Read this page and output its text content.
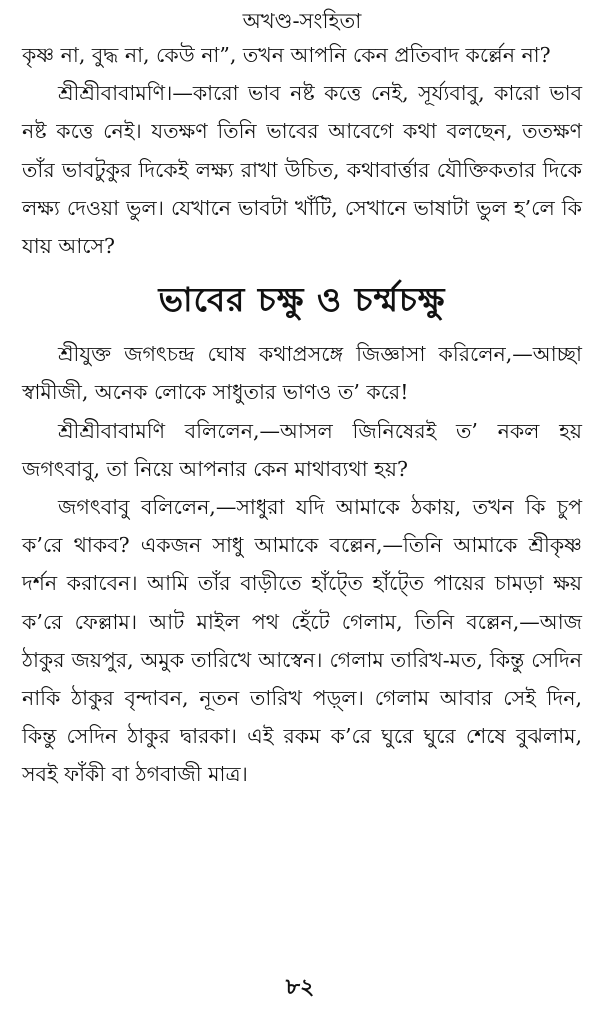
অখণ্ড-সংহিতা

কৃষ্ণ না, বুদ্ধ না, কেউ না”, তখন আপনি কেন প্রতিবাদ কর্ল্লেন না?

শ্রীশ্রীবাবামণি।—কারো ভাব নষ্ট কত্তে নেই, সূর্য্যবাবু, কারো ভাব নষ্ট কত্তে নেই। যতক্ষণ তিনি ভাবের আবেগে কথা বলছেন, ততক্ষণ তাঁর ভাবটুকুর দিকেই লক্ষ্য রাখা উচিত, কথাবার্ত্তার যৌক্তিকতার দিকে লক্ষ্য দেওয়া ভুল। যেখানে ভাবটা খাঁটি, সেখানে ভাষাটা ভুল হ’লে কি যায় আসে?

ভাবের চক্ষু ও চর্ম্মচক্ষু

শ্রীযুক্ত জগৎচন্দ্র ঘোষ কথাপ্রসঙ্গে জিজ্ঞাসা করিলেন,—আচ্ছা স্বামীজী, অনেক লোকে সাধুতার ভাণও ত’ করে!

শ্রীশ্রীবাবামণি বলিলেন,—আসল জিনিষেরই ত’ নকল হয় জগৎবাবু, তা নিয়ে আপনার কেন মাথাব্যথা হয়?

জগৎবাবু বলিলেন,—সাধুরা যদি আমাকে ঠকায়, তখন কি চুপ ক’রে থাকব? একজন সাধু আমাকে বল্লেন,—তিনি আমাকে শ্রীকৃষ্ণ দর্শন করাবেন। আমি তাঁর বাড়ীতে হাঁট্তে হাঁট্তে পায়ের চামড়া ক্ষয় ক’রে ফেল্লাম। আট মাইল পথ হেঁটে গেলাম, তিনি বল্লেন,—আজ ঠাকুর জয়পুর, অমুক তারিখে আস্বেন। গেলাম তারিখ-মত, কিন্তু সেদিন নাকি ঠাকুর বৃন্দাবন, নূতন তারিখ পড়্ল। গেলাম আবার সেই দিন, কিন্তু সেদিন ঠাকুর দ্বারকা। এই রকম ক’রে ঘুরে ঘুরে শেষে বুঝলাম, সবই ফাঁকী বা ঠগবাজী মাত্র।

৮২
